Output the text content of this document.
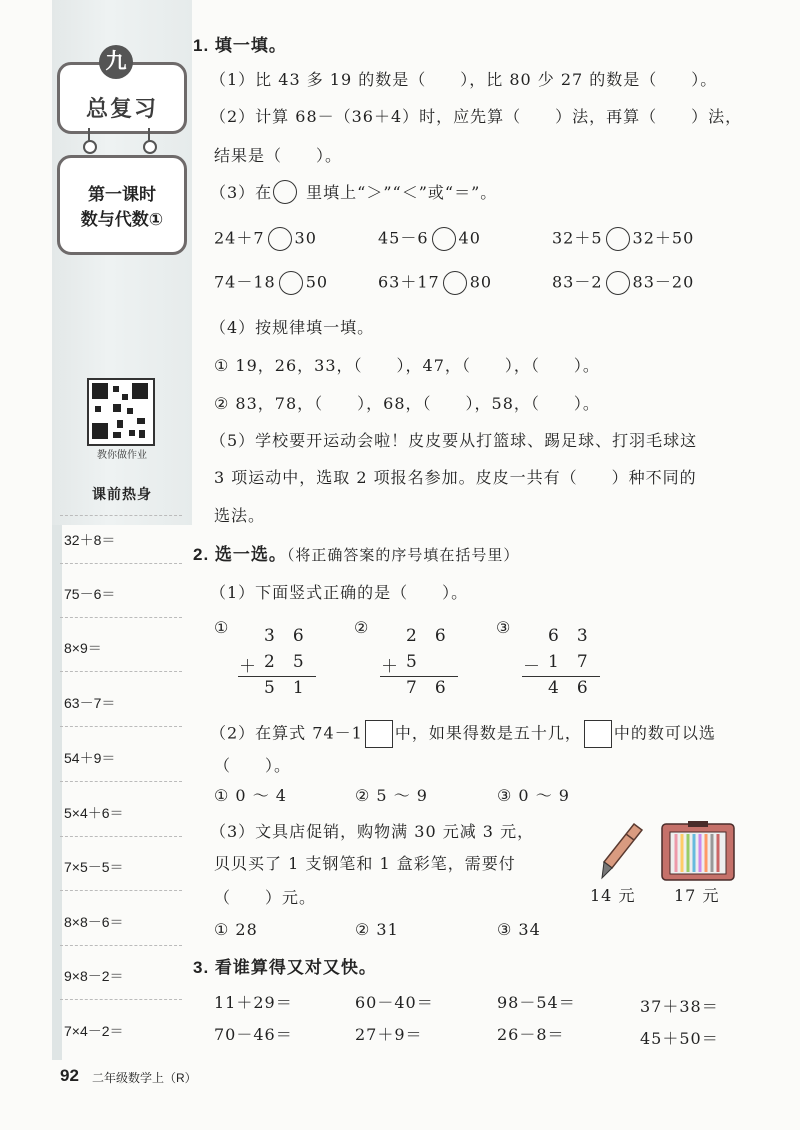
九
总复习
第一课时
数与代数①
教你做作业
课前热身
32＋8＝
75－6＝
8×9＝
63－7＝
54＋9＝
5×4＋6＝
7×5－5＝
8×8－6＝
9×8－2＝
7×4－2＝
1. 填一填。
（1）比 43 多 19 的数是（　　），比 80 少 27 的数是（　　）。
（2）计算 68－（36＋4）时，应先算（　　）法，再算（　　）法，
结果是（　　）。
（3）在　　里填上“＞”“＜”或“＝”。
24＋7 30	45－6 40	32＋5 32＋50
74－18 50	63＋17 80	83－2 83－20
（4）按规律填一填。
① 19，26，33，（　　），47，（　　），（　　）。
② 83，78，（　　），68，（　　），58，（　　）。
（5）学校要开运动会啦！皮皮要从打篮球、踢足球、打羽毛球这
3 项运动中，选取 2 项报名参加。皮皮一共有（　　）种不同的
选法。
2. 选一选。（将正确答案的序号填在括号里）
（1）下面竖式正确的是（　　）。
① 36
＋
25
51
② 26
＋
5
76
③ 63
－
17
46
（2）在算式 74－1 中，如果得数是五十几， 中的数可以选
（　　）。
① 0 ～ 4	② 5 ～ 9	③ 0 ～ 9
（3）文具店促销，购物满 30 元减 3 元，
贝贝买了 1 支钢笔和 1 盒彩笔，需要付
（　　）元。	14 元 17 元
① 28	② 31	③ 34
3. 看谁算得又对又快。
11＋29＝	60－40＝	98－54＝	37＋38＝
70－46＝	27＋9＝	26－8＝	45＋50＝
92	二年级数学上（R）
